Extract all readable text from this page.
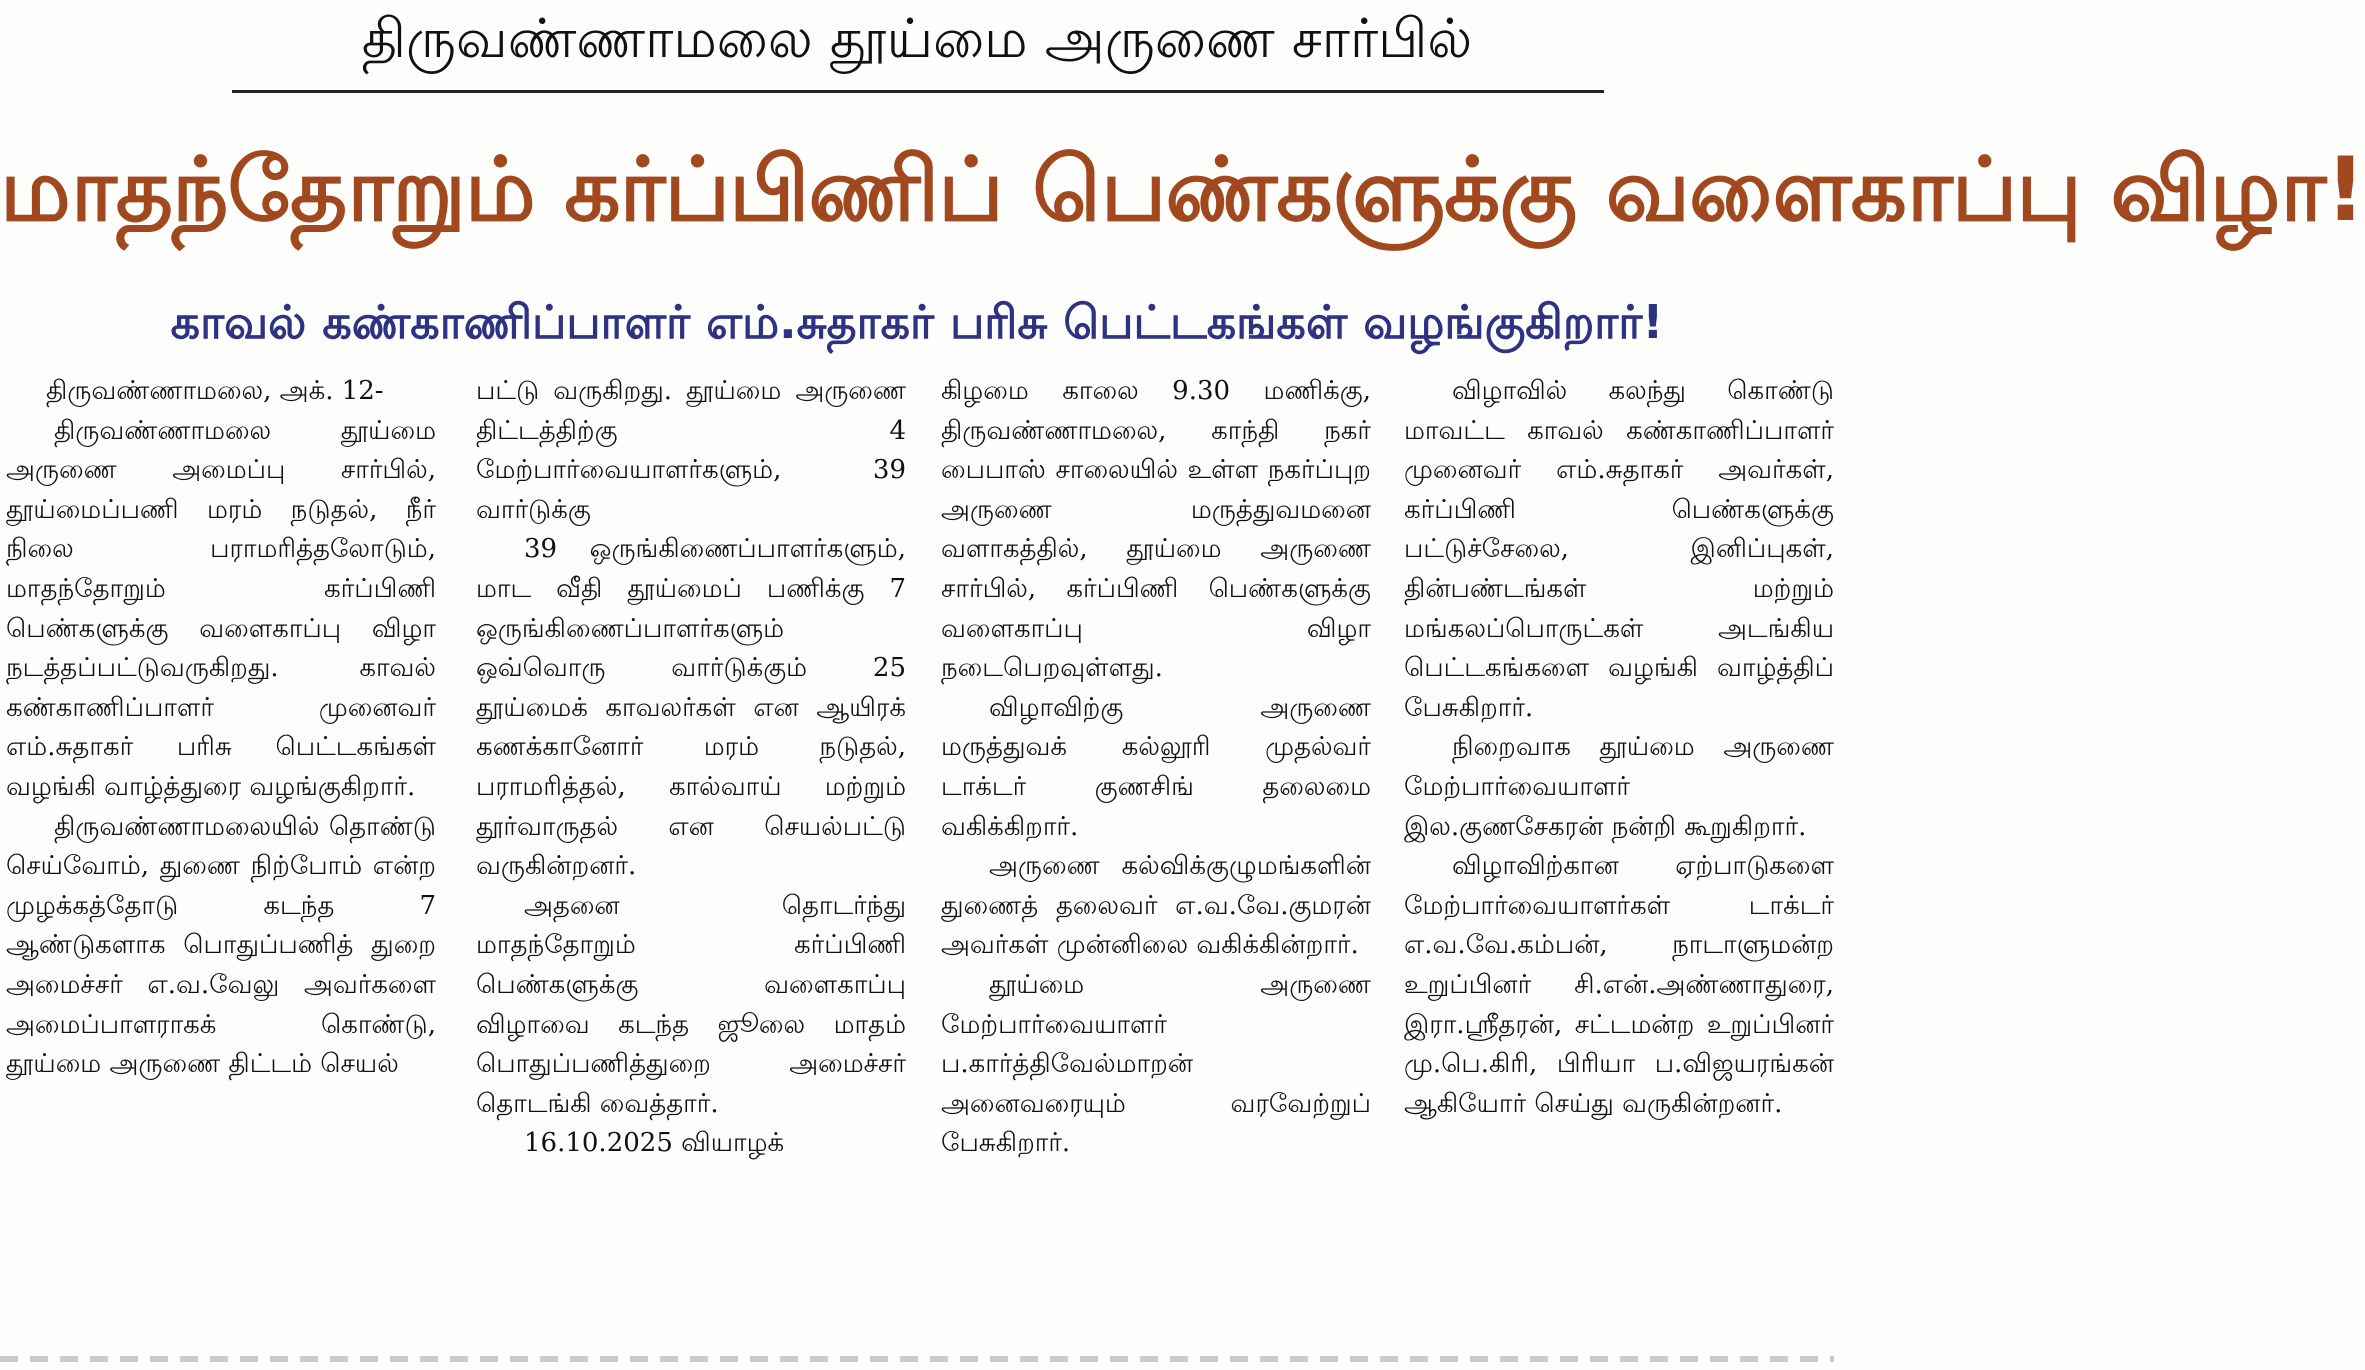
திருவண்ணாமலை தூய்மை அருணை சார்பில்
மாதந்தோறும் கர்ப்பிணிப் பெண்களுக்கு வளைகாப்பு விழா!
காவல் கண்காணிப்பாளர் எம்.சுதாகர் பரிசு பெட்டகங்கள் வழங்குகிறார்!

திருவண்ணாமலை, அக். 12-

திருவண்ணாமலை தூய்மை அருணை அமைப்பு சார்பில், தூய்மைப்பணி மரம் நடுதல், நீர் நிலை பராமரித்தலோடும், மாதந்தோறும் கர்ப்பிணி பெண்களுக்கு வளைகாப்பு விழா நடத்தப்பட்டுவருகிறது. காவல் கண்காணிப்பாளர் முனைவர் எம்.சுதாகர் பரிசு பெட்டகங்கள் வழங்கி வாழ்த்துரை வழங்குகிறார்.

திருவண்ணாமலையில் தொண்டு செய்வோம், துணை நிற்போம் என்ற முழக்கத்தோடு கடந்த 7 ஆண்டுகளாக பொதுப்பணித் துறை அமைச்சர் எ.வ.வேலு அவர்களை அமைப்பாளராகக் கொண்டு, தூய்மை அருணை திட்டம் செயல்

பட்டு வருகிறது. தூய்மை அருணை திட்டத்திற்கு 4 மேற்பார்வையாளர்களும், 39 வார்டுக்கு

39 ஒருங்கிணைப்பாளர்களும், மாட வீதி தூய்மைப் பணிக்கு 7 ஒருங்கிணைப்பாளர்களும் ஒவ்வொரு வார்டுக்கும் 25 தூய்மைக் காவலர்கள் என ஆயிரக் கணக்கானோர் மரம் நடுதல், பராமரித்தல், கால்வாய் மற்றும் தூர்வாருதல் என செயல்பட்டு வருகின்றனர்.

அதனை தொடர்ந்து மாதந்தோறும் கர்ப்பிணி பெண்களுக்கு வளைகாப்பு விழாவை கடந்த ஜூலை மாதம் பொதுப்பணித்துறை அமைச்சர் தொடங்கி வைத்தார்.

16.10.2025 வியாழக்

கிழமை காலை 9.30 மணிக்கு, திருவண்ணாமலை, காந்தி நகர் பைபாஸ் சாலையில் உள்ள நகர்ப்புற அருணை மருத்துவமனை வளாகத்தில், தூய்மை அருணை சார்பில், கர்ப்பிணி பெண்களுக்கு வளைகாப்பு விழா நடைபெறவுள்ளது.

விழாவிற்கு அருணை மருத்துவக் கல்லூரி முதல்வர் டாக்டர் குணசிங் தலைமை வகிக்கிறார்.

அருணை கல்விக்குழுமங்களின் துணைத் தலைவர் எ.வ.வே.குமரன் அவர்கள் முன்னிலை வகிக்கின்றார்.

தூய்மை அருணை மேற்பார்வையாளர் ப.கார்த்திவேல்மாறன் அனைவரையும் வரவேற்றுப் பேசுகிறார்.

விழாவில் கலந்து கொண்டு மாவட்ட காவல் கண்காணிப்பாளர் முனைவர் எம்.சுதாகர் அவர்கள், கர்ப்பிணி பெண்களுக்கு பட்டுச்சேலை, இனிப்புகள், தின்பண்டங்கள் மற்றும் மங்கலப்பொருட்கள் அடங்கிய பெட்டகங்களை வழங்கி வாழ்த்திப் பேசுகிறார்.

நிறைவாக தூய்மை அருணை மேற்பார்வையாளர் இல.குணசேகரன் நன்றி கூறுகிறார்.

விழாவிற்கான ஏற்பாடுகளை மேற்பார்வையாளர்கள் டாக்டர் எ.வ.வே.கம்பன், நாடாளுமன்ற உறுப்பினர் சி.என்.அண்ணாதுரை, இரா.ஸ்ரீதரன், சட்டமன்ற உறுப்பினர் மு.பெ.கிரி, பிரியா ப.விஜயரங்கன் ஆகியோர் செய்து வருகின்றனர்.
